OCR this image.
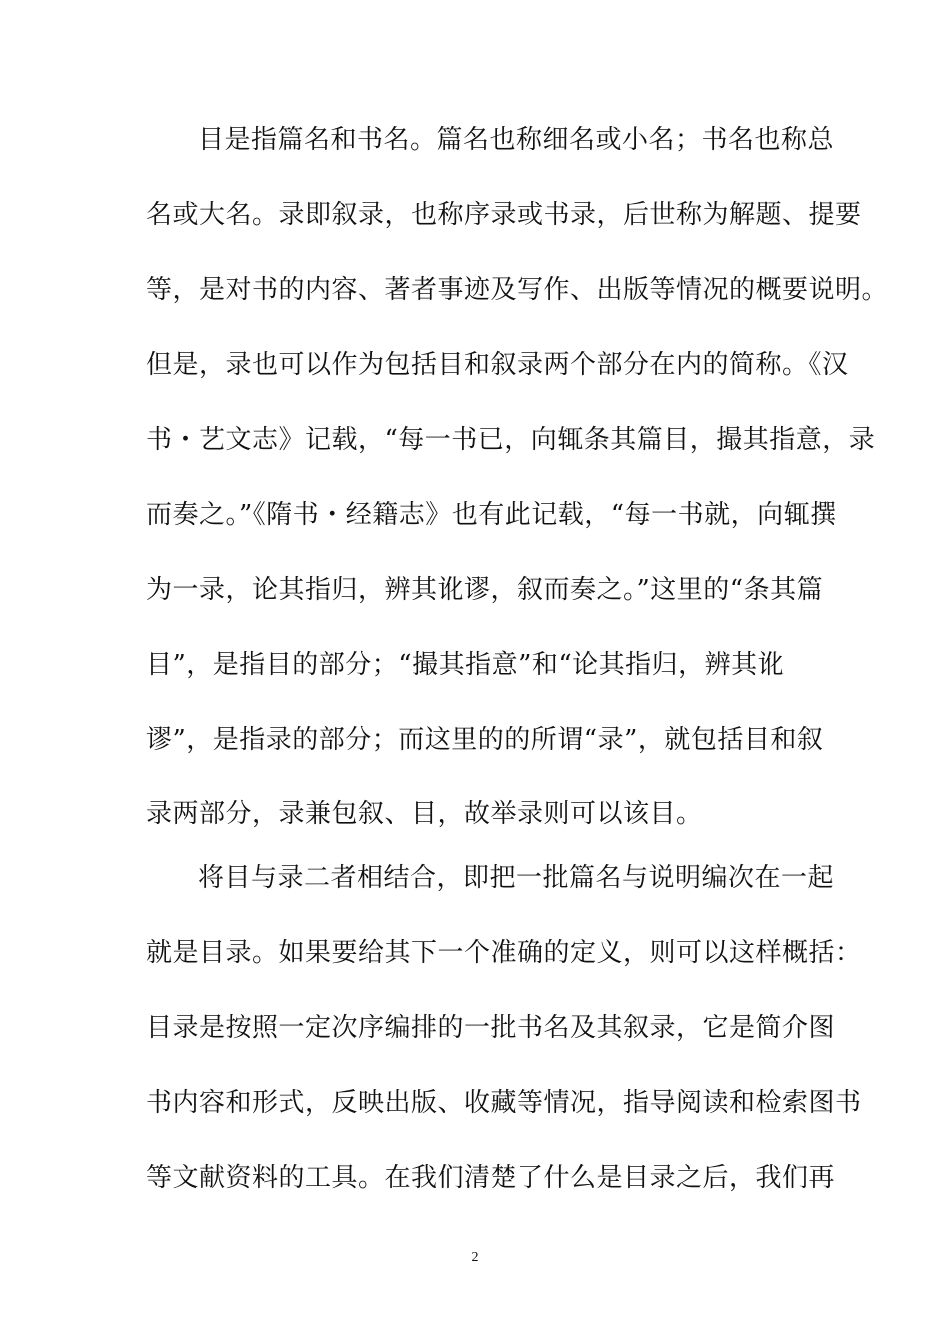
目是指篇名和书名。篇名也称细名或小名；书名也称总
名或大名。录即叙录，也称序录或书录，后世称为解题、提要
等，是对书的内容、著者事迹及写作、出版等情况的概要说明。
但是，录也可以作为包括目和叙录两个部分在内的简称。《汉
书・艺文志》记载，“每一书已，向辄条其篇目，撮其指意，录
而奏之。”《隋书・经籍志》也有此记载，“每一书就，向辄撰
为一录，论其指归，辨其讹谬，叙而奏之。”这里的“条其篇
目”，是指目的部分；“撮其指意”和“论其指归，辨其讹
谬”，是指录的部分；而这里的的所谓“录”，就包括目和叙
录两部分，录兼包叙、目，故举录则可以该目。
将目与录二者相结合，即把一批篇名与说明编次在一起
就是目录。如果要给其下一个准确的定义，则可以这样概括：
目录是按照一定次序编排的一批书名及其叙录，它是简介图
书内容和形式，反映出版、收藏等情况，指导阅读和检索图书
等文献资料的工具。在我们清楚了什么是目录之后，我们再
2
